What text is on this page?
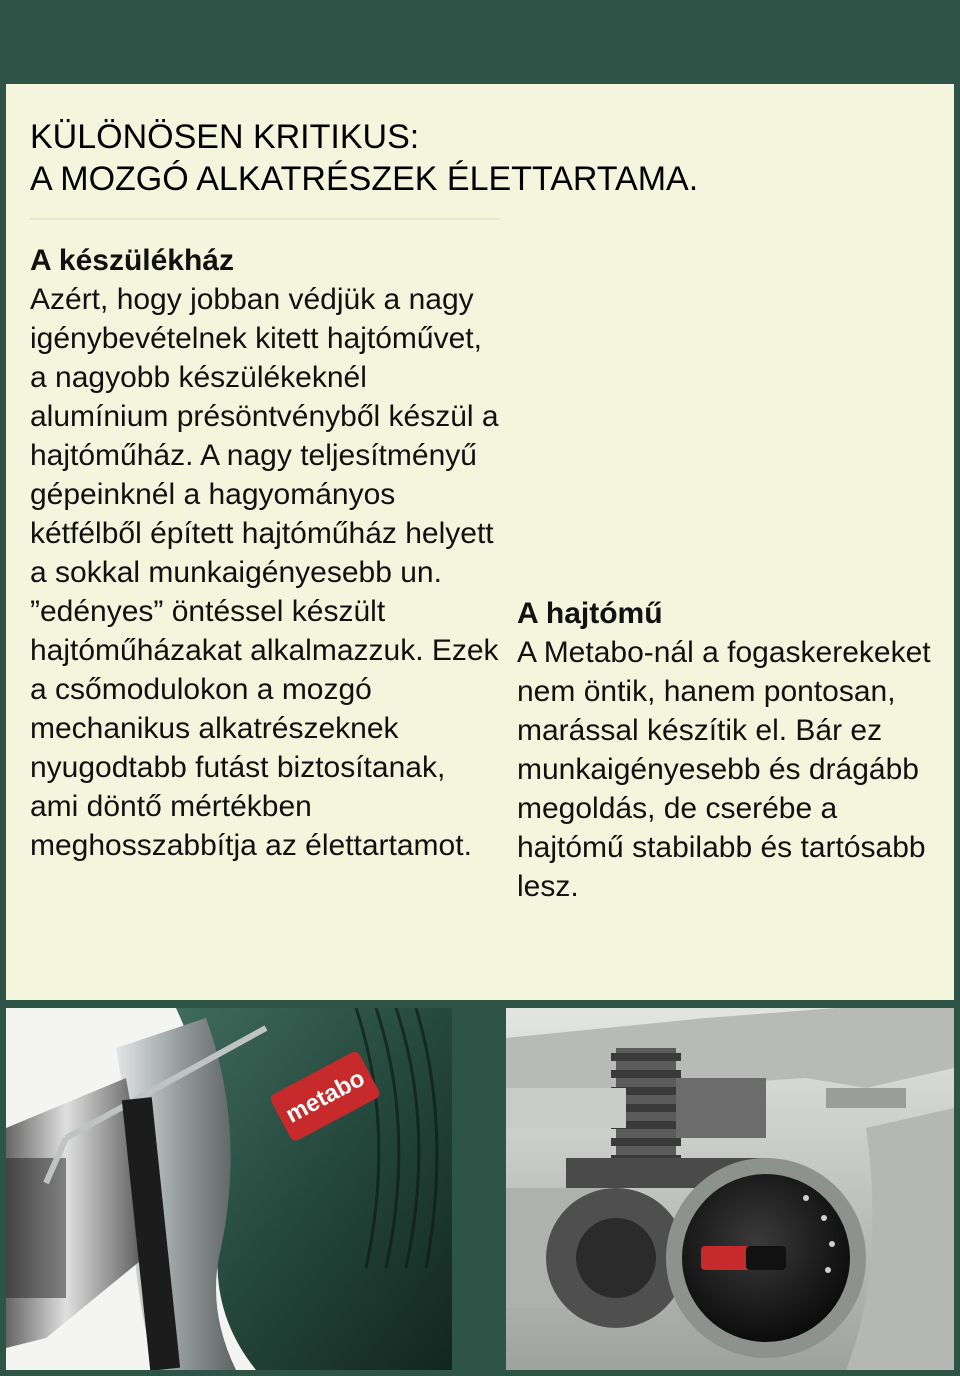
KÜLÖNÖSEN KRITIKUS:
A MOZGÓ ALKATRÉSZEK ÉLETTARTAMA.

A készülékház

Azért, hogy jobban védjük a nagy igénybevételnek kitett hajtóművet, a nagyobb készülékeknél alumínium présöntvényből készül a hajtóműház. A nagy teljesítményű gépeinknél a hagyományos kétfélből épített hajtóműház helyett a sokkal munkaigényesebb un. ”edényes” öntéssel készült hajtóműházakat alkalmazzuk. Ezek a csőmodulokon a mozgó mechanikus alkatrészeknek nyugodtabb futást biztosítanak, ami döntő mértékben meghosszabbítja az élettartamot.

A hajtómű

A Metabo-nál a fogaskerekeket nem öntik, hanem pontosan, marással készítik el. Bár ez munkaigényesebb és drágább megoldás, de cserébe a hajtómű stabilabb és tartósabb lesz.

metabo
